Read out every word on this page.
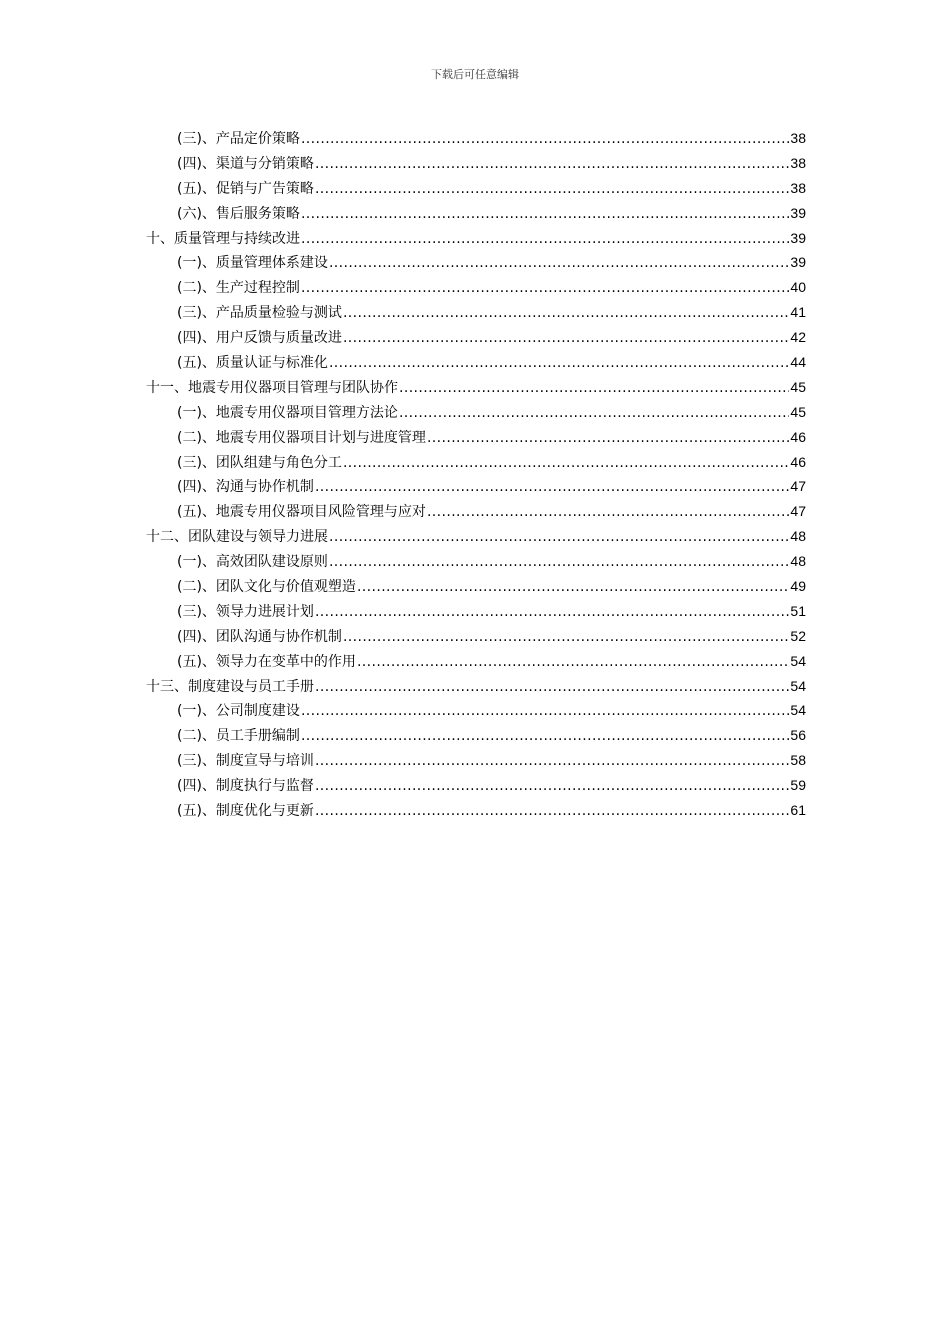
下载后可任意编辑
(三)、产品定价策略 .....	38
(四)、渠道与分销策略 .....	38
(五)、促销与广告策略 .....	38
(六)、售后服务策略 .....	39
十、质量管理与持续改进 .....	39
(一)、质量管理体系建设 .....	39
(二)、生产过程控制 .....	40
(三)、产品质量检验与测试 .....	41
(四)、用户反馈与质量改进 .....	42
(五)、质量认证与标准化 .....	44
十一、地震专用仪器项目管理与团队协作 .....	45
(一)、地震专用仪器项目管理方法论 .....	45
(二)、地震专用仪器项目计划与进度管理 .....	46
(三)、团队组建与角色分工 .....	46
(四)、沟通与协作机制 .....	47
(五)、地震专用仪器项目风险管理与应对 .....	47
十二、团队建设与领导力进展 .....	48
(一)、高效团队建设原则 .....	48
(二)、团队文化与价值观塑造 .....	49
(三)、领导力进展计划 .....	51
(四)、团队沟通与协作机制 .....	52
(五)、领导力在变革中的作用 .....	54
十三、制度建设与员工手册 .....	54
(一)、公司制度建设 .....	54
(二)、员工手册编制 .....	56
(三)、制度宣导与培训 .....	58
(四)、制度执行与监督 .....	59
(五)、制度优化与更新 .....	61
